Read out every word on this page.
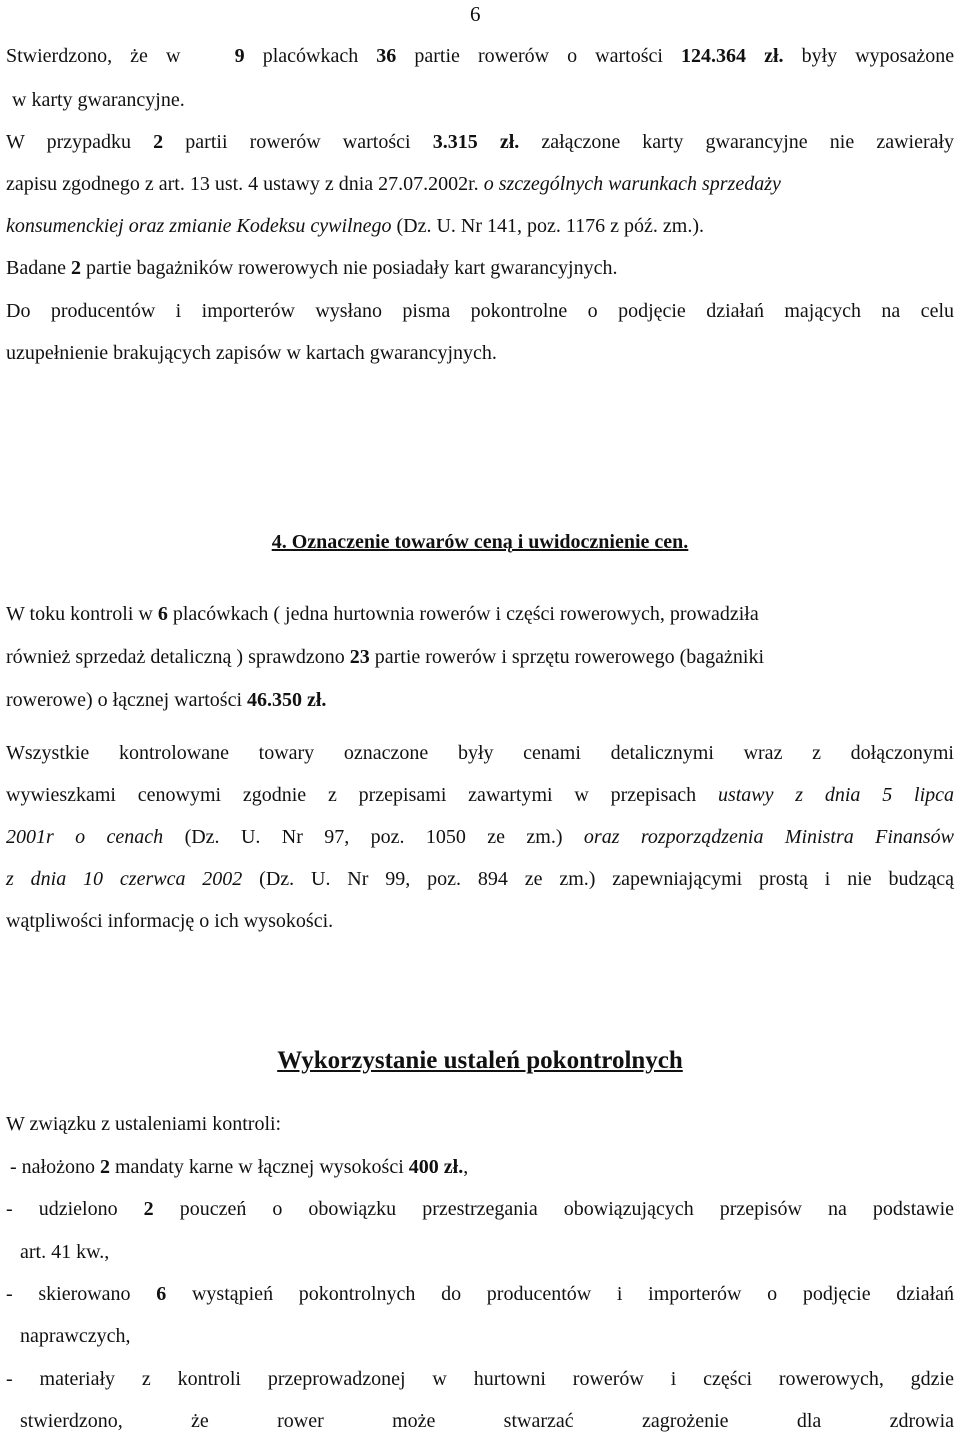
6
Stwierdzono, że w	9 placówkach 36 partie rowerów o wartości 124.364 zł. były wyposażone
w karty gwarancyjne.
W przypadku 2 partii rowerów wartości 3.315 zł. załączone karty gwarancyjne nie zawierały
zapisu zgodnego z art. 13 ust. 4 ustawy z dnia 27.07.2002r. o szczególnych warunkach sprzedaży
konsumenckiej oraz zmianie Kodeksu cywilnego (Dz. U. Nr 141, poz. 1176 z póź. zm.).
Badane 2 partie bagażników rowerowych nie posiadały kart gwarancyjnych.
Do producentów i importerów wysłano pisma pokontrolne o podjęcie działań mających na celu
uzupełnienie brakujących zapisów w kartach gwarancyjnych.
4. Oznaczenie towarów ceną i uwidocznienie cen.
W toku kontroli w 6 placówkach ( jedna hurtownia rowerów i części rowerowych, prowadziła
również sprzedaż detaliczną ) sprawdzono 23 partie rowerów i sprzętu rowerowego (bagażniki
rowerowe) o łącznej wartości 46.350 zł.
Wszystkie kontrolowane towary oznaczone były cenami detalicznymi wraz z dołączonymi
wywieszkami cenowymi zgodnie z przepisami zawartymi w przepisach ustawy z dnia 5 lipca
2001r o cenach (Dz. U. Nr 97, poz. 1050 ze zm.) oraz rozporządzenia Ministra Finansów
z dnia 10 czerwca 2002 (Dz. U. Nr 99, poz. 894 ze zm.) zapewniającymi prostą i nie budzącą
wątpliwości informację o ich wysokości.
Wykorzystanie ustaleń pokontrolnych
W związku z ustaleniami kontroli:
- nałożono 2 mandaty karne w łącznej wysokości 400 zł.,
- udzielono 2 pouczeń o obowiązku przestrzegania obowiązujących przepisów na podstawie
art. 41 kw.,
- skierowano 6 wystąpień pokontrolnych do producentów i importerów o podjęcie działań
naprawczych,
- materiały z kontroli przeprowadzonej w hurtowni rowerów i części rowerowych, gdzie
stwierdzono, że rower może stwarzać zagrożenie dla zdrowia
